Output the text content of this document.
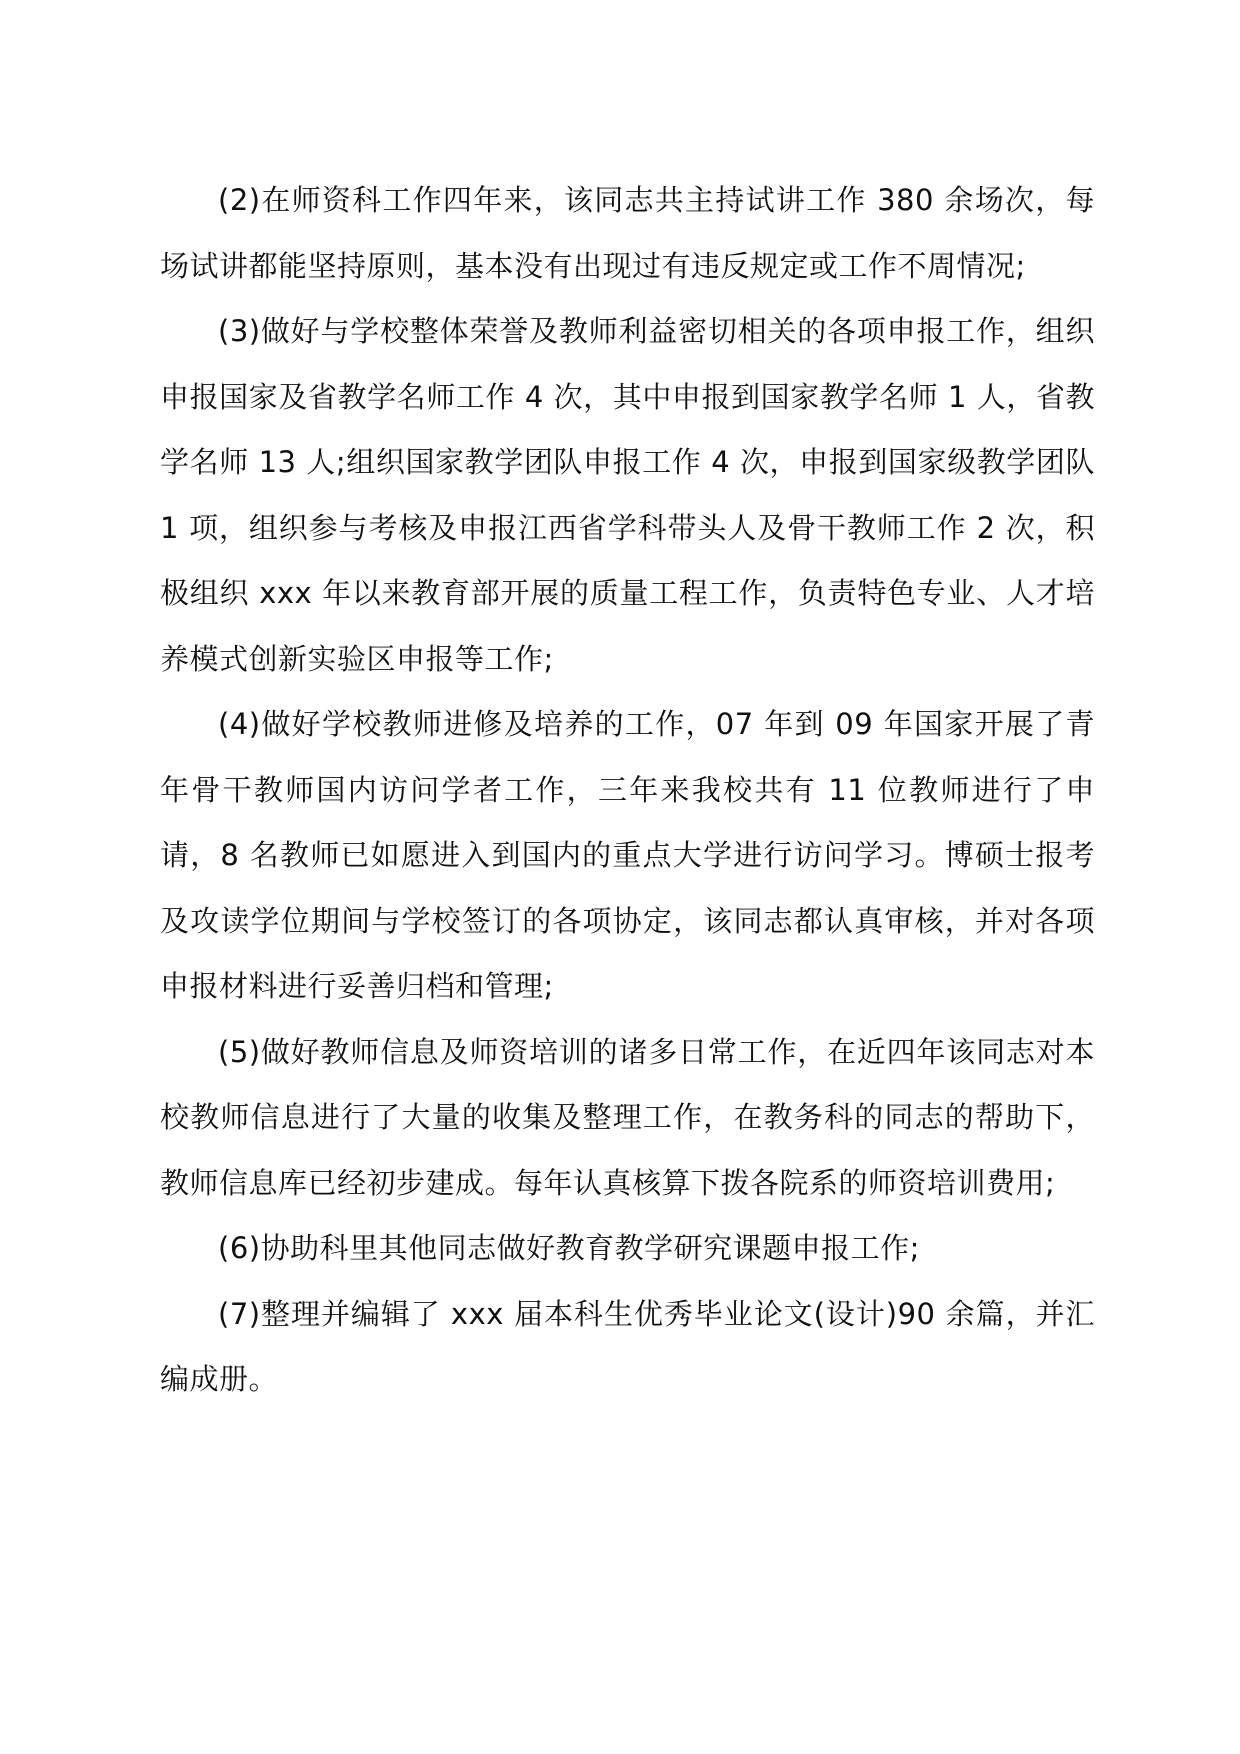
(2)在师资科工作四年来，该同志共主持试讲工作 380 余场次，每场试讲都能坚持原则，基本没有出现过有违反规定或工作不周情况;

(3)做好与学校整体荣誉及教师利益密切相关的各项申报工作，组织申报国家及省教学名师工作 4 次，其中申报到国家教学名师 1 人，省教学名师 13 人;组织国家教学团队申报工作 4 次，申报到国家级教学团队 1 项，组织参与考核及申报江西省学科带头人及骨干教师工作 2 次，积极组织 xxx 年以来教育部开展的质量工程工作，负责特色专业、人才培养模式创新实验区申报等工作;

(4)做好学校教师进修及培养的工作，07 年到 09 年国家开展了青年骨干教师国内访问学者工作，三年来我校共有 11 位教师进行了申请，8 名教师已如愿进入到国内的重点大学进行访问学习。博硕士报考及攻读学位期间与学校签订的各项协定，该同志都认真审核，并对各项申报材料进行妥善归档和管理;

(5)做好教师信息及师资培训的诸多日常工作，在近四年该同志对本校教师信息进行了大量的收集及整理工作，在教务科的同志的帮助下，教师信息库已经初步建成。每年认真核算下拨各院系的师资培训费用;

(6)协助科里其他同志做好教育教学研究课题申报工作;

(7)整理并编辑了 xxx 届本科生优秀毕业论文(设计)90 余篇，并汇编成册。
